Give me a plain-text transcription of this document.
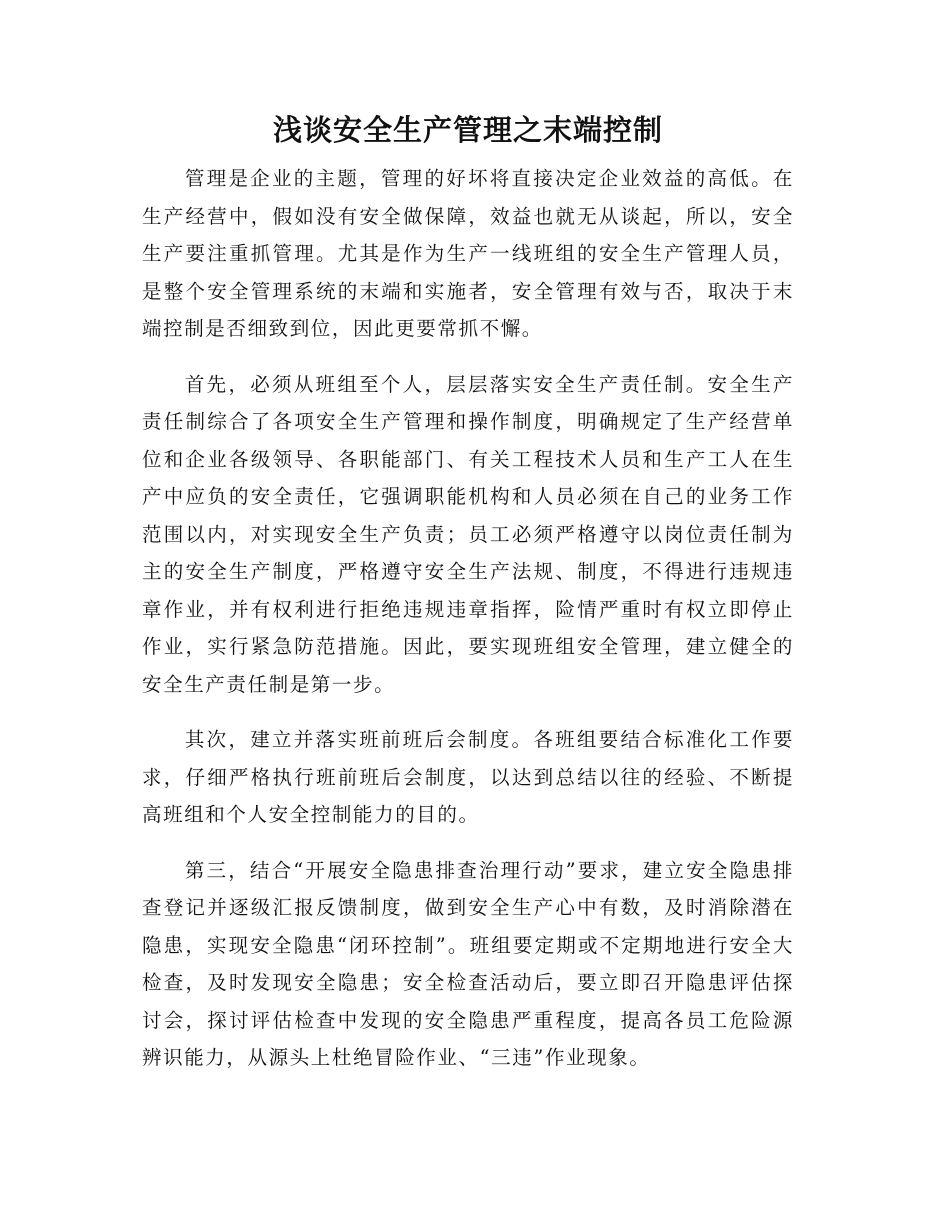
浅谈安全生产管理之末端控制

管理是企业的主题，管理的好坏将直接决定企业效益的高低。在生产经营中，假如没有安全做保障，效益也就无从谈起，所以，安全生产要注重抓管理。尤其是作为生产一线班组的安全生产管理人员，是整个安全管理系统的末端和实施者，安全管理有效与否，取决于末端控制是否细致到位，因此更要常抓不懈。

首先，必须从班组至个人，层层落实安全生产责任制。安全生产责任制综合了各项安全生产管理和操作制度，明确规定了生产经营单位和企业各级领导、各职能部门、有关工程技术人员和生产工人在生产中应负的安全责任，它强调职能机构和人员必须在自己的业务工作范围以内，对实现安全生产负责；员工必须严格遵守以岗位责任制为主的安全生产制度，严格遵守安全生产法规、制度，不得进行违规违章作业，并有权利进行拒绝违规违章指挥，险情严重时有权立即停止作业，实行紧急防范措施。因此，要实现班组安全管理，建立健全的安全生产责任制是第一步。

其次，建立并落实班前班后会制度。各班组要结合标准化工作要求，仔细严格执行班前班后会制度，以达到总结以往的经验、不断提高班组和个人安全控制能力的目的。

第三，结合“开展安全隐患排查治理行动”要求，建立安全隐患排查登记并逐级汇报反馈制度，做到安全生产心中有数，及时消除潜在隐患，实现安全隐患“闭环控制”。班组要定期或不定期地进行安全大检查，及时发现安全隐患；安全检查活动后，要立即召开隐患评估探讨会，探讨评估检查中发现的安全隐患严重程度，提高各员工危险源辨识能力，从源头上杜绝冒险作业、“三违”作业现象。
